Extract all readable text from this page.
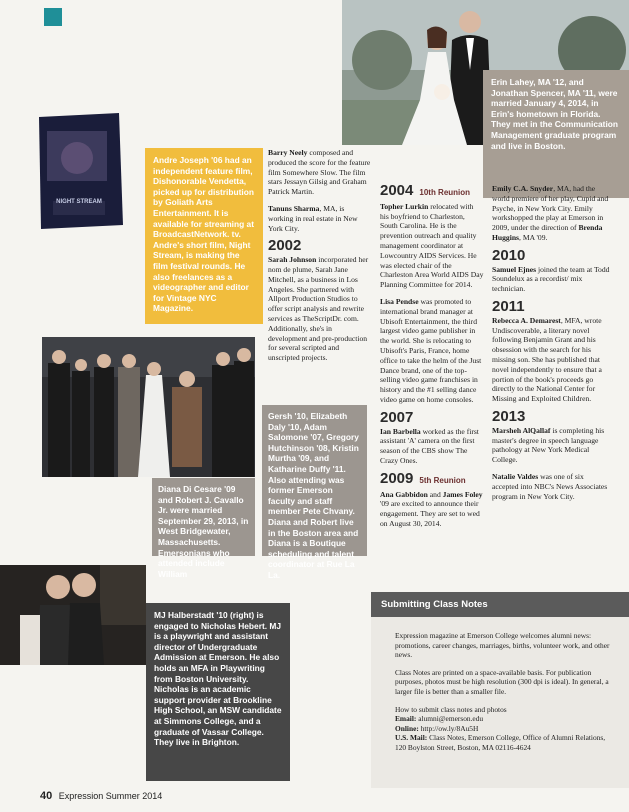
Erin Lahey, MA '12, and Jonathan Spencer, MA '11, were married January 4, 2014, in Erin's hometown in Florida. They met in the Communication Management graduate program and live in Boston.
NIGHT STREAM
Andre Joseph '06 had an independent feature film, Dishonorable Vendetta, picked up for distribution by Goliath Arts Entertainment. It is available for streaming at BroadcastNetwork. tv. Andre's short film, Night Stream, is making the film festival rounds. He also freelances as a videographer and editor for Vintage NYC Magazine.

Barry Neely composed and produced the score for the feature film Somewhere Slow. The film stars Jessayn Gilsig and Graham Patrick Martin.

Tanuns Sharma, MA, is working in real estate in New York City.

2002

Sarah Johnson incorporated her nom de plume, Sarah Jane Mitchell, as a business in Los Angeles. She partnered with Allport Production Studios to offer script analysis and rewrite services as TheScriptDr. com. Additionally, she's in development and pre-production for several scripted and unscripted projects.

2004 10th Reunion

Topher Lurkin relocated with his boyfriend to Charleston, South Carolina. He is the prevention outreach and quality management coordinator at Lowcountry AIDS Services. He was elected chair of the Charleston Area World AIDS Day Planning Committee for 2014.

Lisa Pendse was promoted to international brand manager at Ubisoft Entertainment, the third largest video game publisher in the world. She is relocating to Ubisoft's Paris, France, home office to take the helm of the Just Dance brand, one of the top-selling video game franchises in history and the #1 selling dance video game on home consoles.

2007

Ian Barbella worked as the first assistant 'A' camera on the first season of the CBS show The Crazy Ones.

2009 5th Reunion

Ana Gabbidon and James Foley '09 are excited to announce their engagement. They are set to wed on August 30, 2014.

Emily C.A. Snyder, MA, had the world premiere of her play, Cupid and Psyche, in New York City. Emily workshopped the play at Emerson in 2009, under the direction of Brenda Huggins, MA '09.

2010

Samuel Ejnes joined the team at Todd Soundelux as a recordist/ mix technician.

2011

Rebecca A. Demarest, MFA, wrote Undiscoverable, a literary novel following Benjamin Grant and his obsession with the search for his missing son. She has published that novel independently to ensure that a portion of the book's proceeds go directly to the National Center for Missing and Exploited Children.

2013

Marsheh AlQallaf is completing his master's degree in speech language pathology at New York Medical College.

Natalie Valdes was one of six accepted into NBC's News Associates program in New York City.

Diana Di Cesare '09 and Robert J. Cavallo Jr. were married September 29, 2013, in West Bridgewater, Massachusetts. Emersonians who attended include William
Gersh '10, Elizabeth Daly '10, Adam Salomone '07, Gregory Hutchinson '08, Kristin Murtha '09, and Katharine Duffy '11. Also attending was former Emerson faculty and staff member Pete Chvany. Diana and Robert live in the Boston area and Diana is a Boutique scheduling and talent coordinator at Rue La La.
MJ Halberstadt '10 (right) is engaged to Nicholas Hebert. MJ is a playwright and assistant director of Undergraduate Admission at Emerson. He also holds an MFA in Playwriting from Boston University. Nicholas is an academic support provider at Brookline High School, an MSW candidate at Simmons College, and a graduate of Vassar College. They live in Brighton.
Submitting Class Notes

Expression magazine at Emerson College welcomes alumni news: promotions, career changes, marriages, births, volunteer work, and other news.

Class Notes are printed on a space-available basis. For publication purposes, photos must be high resolution (300 dpi is ideal). In general, a larger file is better than a smaller file.

How to submit class notes and photos
Email: alumni@emerson.edu
Online: http://ow.ly/8Au5H
U.S. Mail: Class Notes, Emerson College, Office of Alumni Relations, 120 Boylston Street, Boston, MA 02116-4624
40 Expression Summer 2014
